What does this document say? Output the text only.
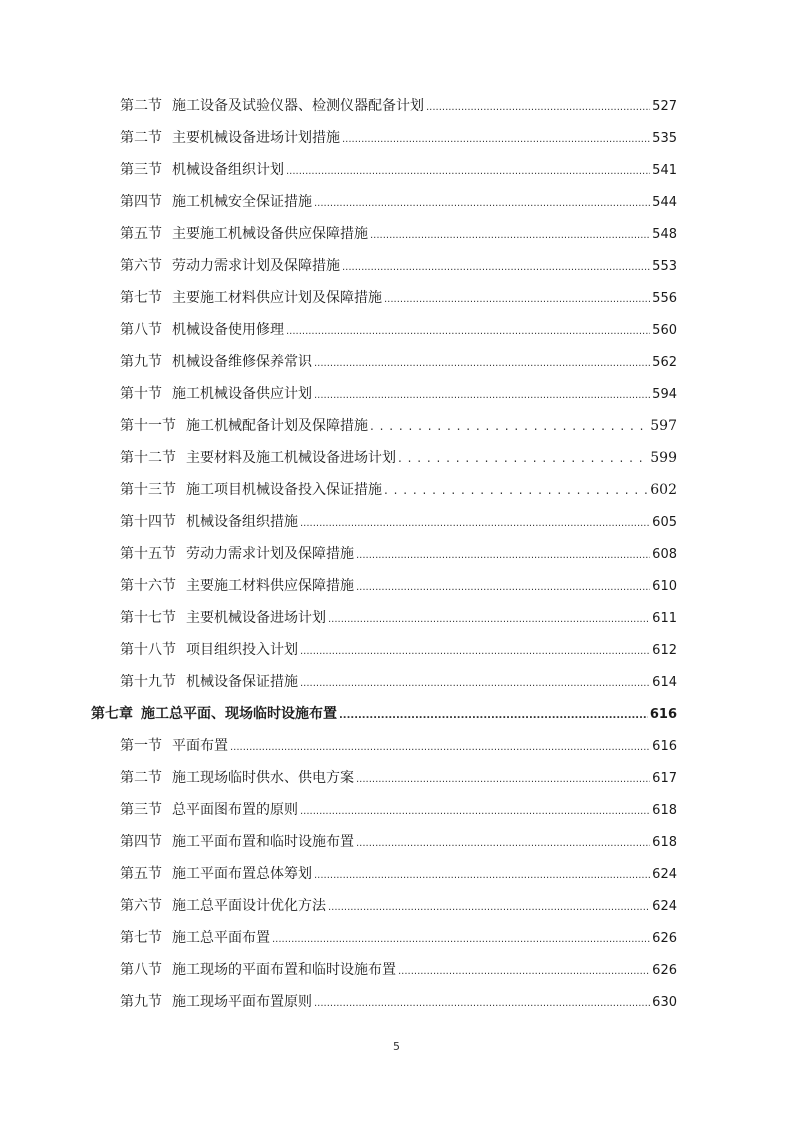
第二节 施工设备及试验仪器、检测仪器配备计划 .....	527
第二节 主要机械设备进场计划措施 .....	535
第三节 机械设备组织计划 .....	541
第四节 施工机械安全保证措施 .....	544
第五节 主要施工机械设备供应保障措施 .....	548
第六节 劳动力需求计划及保障措施 .....	553
第七节 主要施工材料供应计划及保障措施 .....	556
第八节 机械设备使用修理 .....	560
第九节 机械设备维修保养常识 .....	562
第十节 施工机械设备供应计划 .....	594
第十一节 施工机械配备计划及保障措施 . . .	597
第十二节 主要材料及施工机械设备进场计划 . . .	599
第十三节 施工项目机械设备投入保证措施 . . .	602
第十四节 机械设备组织措施 .....	605
第十五节 劳动力需求计划及保障措施 .....	608
第十六节 主要施工材料供应保障措施 .....	610
第十七节 主要机械设备进场计划 .....	611
第十八节 项目组织投入计划 .....	612
第十九节 机械设备保证措施 .....	614
第七章 施工总平面、现场临时设施布置 .....	616
第一节 平面布置 .....	616
第二节 施工现场临时供水、供电方案 .....	617
第三节 总平面图布置的原则 .....	618
第四节 施工平面布置和临时设施布置 .....	618
第五节 施工平面布置总体筹划 .....	624
第六节 施工总平面设计优化方法 .....	624
第七节 施工总平面布置 .....	626
第八节 施工现场的平面布置和临时设施布置 .....	626
第九节 施工现场平面布置原则 .....	630
5
